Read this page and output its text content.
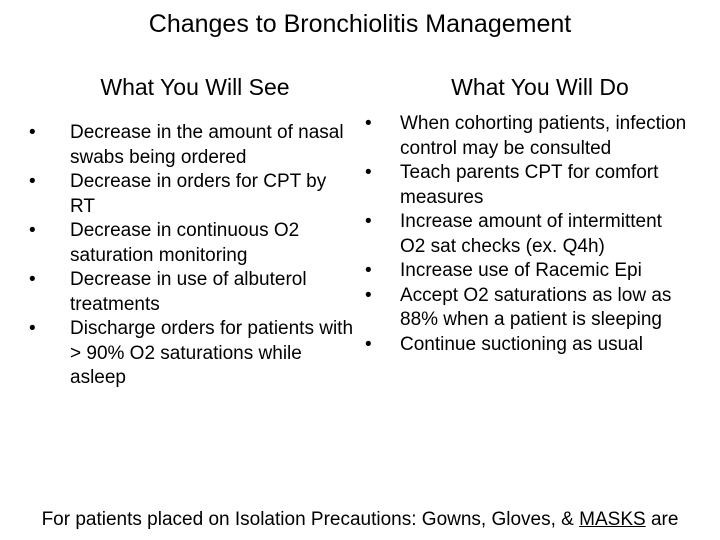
Changes to Bronchiolitis Management
What You Will See	What You Will Do
• Decrease in the amount of nasal swabs being ordered
• Decrease in orders for CPT by RT
• Decrease in continuous O2 saturation monitoring
• Decrease in use of albuterol treatments
• Discharge orders for patients with > 90% O2 saturations while asleep
• When cohorting patients, infection control may be consulted
• Teach parents CPT for comfort measures
• Increase amount of intermittent O2 sat checks (ex. Q4h)
• Increase use of Racemic Epi
• Accept O2 saturations as low as 88% when a patient is sleeping
• Continue suctioning as usual
For patients placed on Isolation Precautions: Gowns, Gloves, & MASKS are
